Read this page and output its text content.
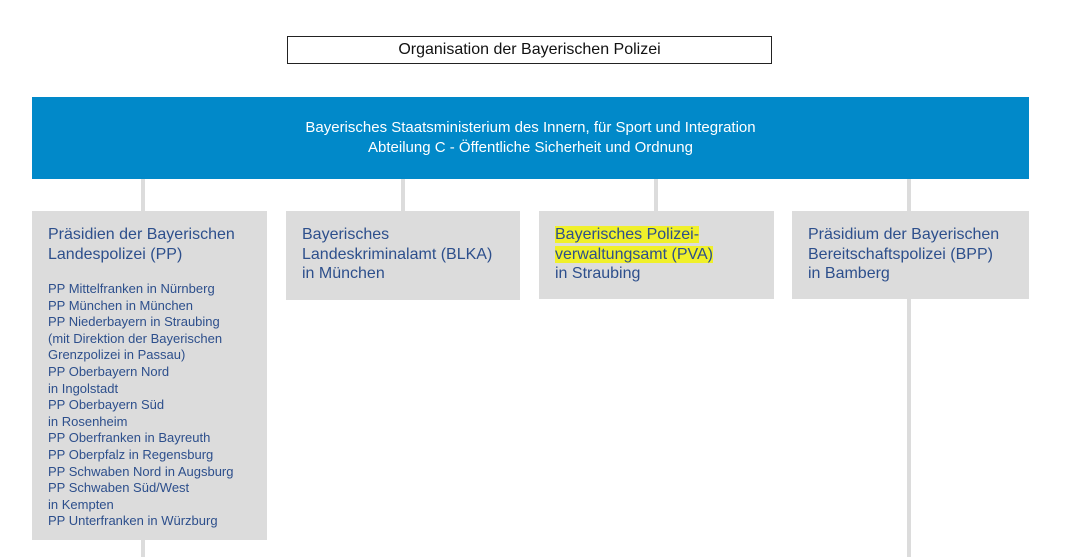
Organisation der Bayerischen Polizei
Bayerisches Staatsministerium des Innern, für Sport und Integration
Abteilung C - Öffentliche Sicherheit und Ordnung
Präsidien der Bayerischen
Landespolizei (PP)
PP Mittelfranken in Nürnberg
PP München in München
PP Niederbayern in Straubing
(mit Direktion der Bayerischen
Grenzpolizei in Passau)
PP Oberbayern Nord
in Ingolstadt
PP Oberbayern Süd
in Rosenheim
PP Oberfranken in Bayreuth
PP Oberpfalz in Regensburg
PP Schwaben Nord in Augsburg
PP Schwaben Süd/West
in Kempten
PP Unterfranken in Würzburg
Bayerisches
Landeskriminalamt (BLKA)
in München
Bayerisches Polizei-
verwaltungsamt (PVA)
in Straubing
Präsidium der Bayerischen
Bereitschaftspolizei (BPP)
in Bamberg
